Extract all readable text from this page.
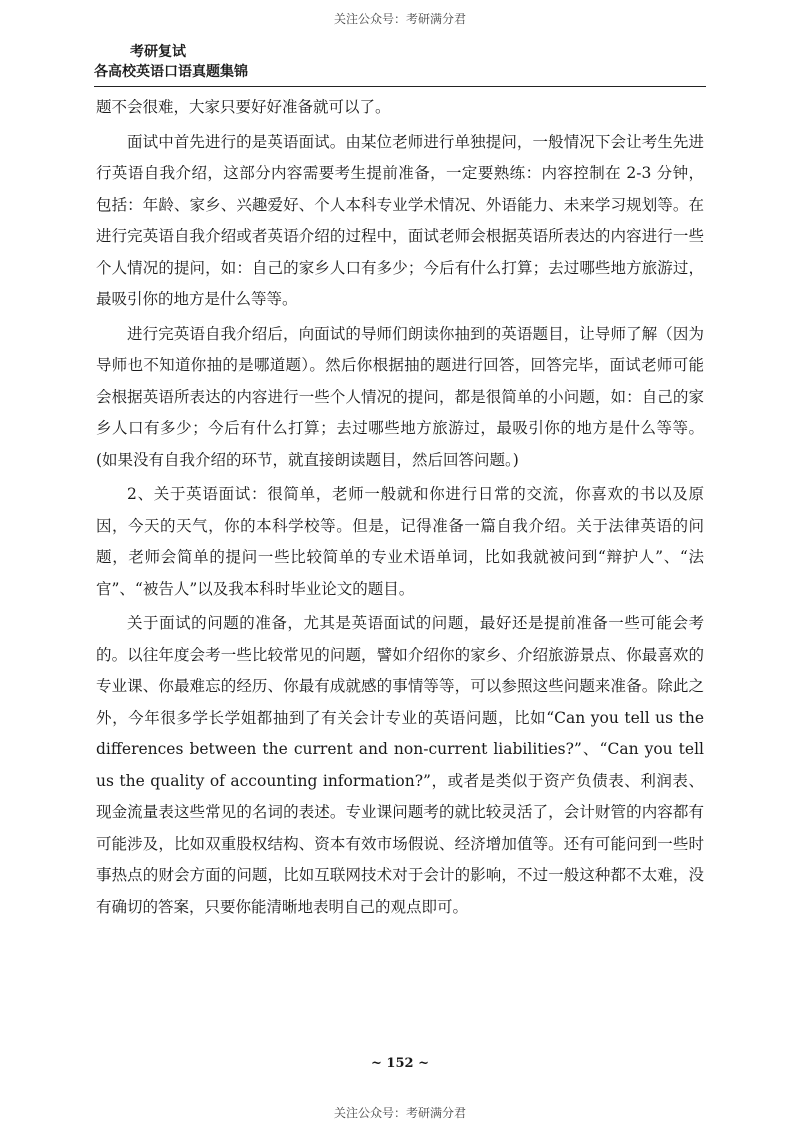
关注公众号：考研满分君
考研复试
各高校英语口语真题集锦

题不会很难，大家只要好好准备就可以了。

面试中首先进行的是英语面试。由某位老师进行单独提问，一般情况下会让考生先进行英语自我介绍，这部分内容需要考生提前准备，一定要熟练：内容控制在 2-3 分钟，包括：年龄、家乡、兴趣爱好、个人本科专业学术情况、外语能力、未来学习规划等。在进行完英语自我介绍或者英语介绍的过程中，面试老师会根据英语所表达的内容进行一些个人情况的提问，如：自己的家乡人口有多少；今后有什么打算；去过哪些地方旅游过，最吸引你的地方是什么等等。

进行完英语自我介绍后，向面试的导师们朗读你抽到的英语题目，让导师了解（因为导师也不知道你抽的是哪道题）。然后你根据抽的题进行回答，回答完毕，面试老师可能会根据英语所表达的内容进行一些个人情况的提问，都是很简单的小问题，如：自己的家乡人口有多少；今后有什么打算；去过哪些地方旅游过，最吸引你的地方是什么等等。(如果没有自我介绍的环节，就直接朗读题目，然后回答问题。)

2、关于英语面试：很简单，老师一般就和你进行日常的交流，你喜欢的书以及原因，今天的天气，你的本科学校等。但是，记得准备一篇自我介绍。关于法律英语的问题，老师会简单的提问一些比较简单的专业术语单词，比如我就被问到“辩护人”、“法官”、“被告人”以及我本科时毕业论文的题目。

关于面试的问题的准备，尤其是英语面试的问题，最好还是提前准备一些可能会考的。以往年度会考一些比较常见的问题，譬如介绍你的家乡、介绍旅游景点、你最喜欢的专业课、你最难忘的经历、你最有成就感的事情等等，可以参照这些问题来准备。除此之外，今年很多学长学姐都抽到了有关会计专业的英语问题，比如“Can you tell us the differences between the current and non-current liabilities?”、“Can you tell us the quality of accounting information?”，或者是类似于资产负债表、利润表、现金流量表这些常见的名词的表述。专业课问题考的就比较灵活了，会计财管的内容都有可能涉及，比如双重股权结构、资本有效市场假说、经济增加值等。还有可能问到一些时事热点的财会方面的问题，比如互联网技术对于会计的影响，不过一般这种都不太难，没有确切的答案，只要你能清晰地表明自己的观点即可。

~ 152 ~
关注公众号：考研满分君
